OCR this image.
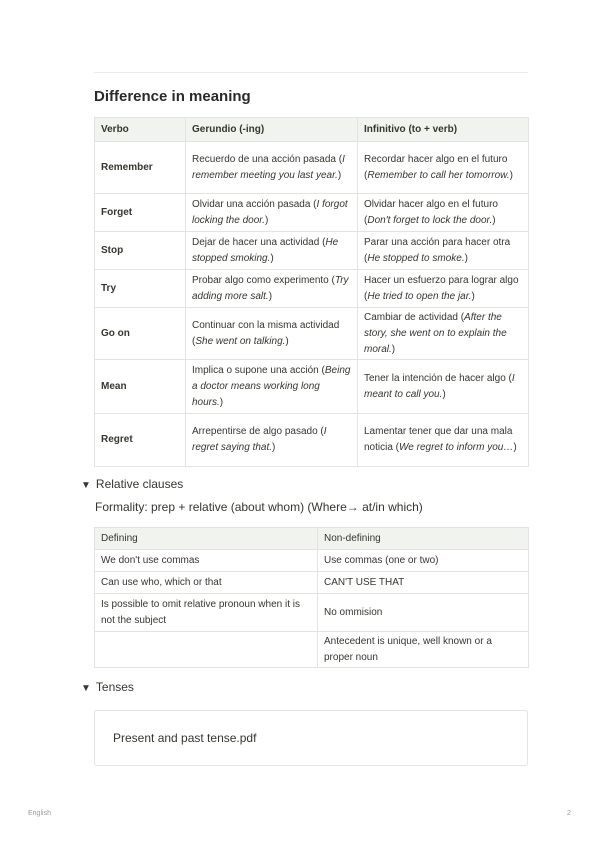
Difference in meaning
Verbo	Gerundio (-ing)	Infinitivo (to + verb)
Remember	Recuerdo de una acción pasada (I remember meeting you last year.)	Recordar hacer algo en el futuro (Remember to call her tomorrow.)
Forget	Olvidar una acción pasada (I forgot locking the door.)	Olvidar hacer algo en el futuro (Don't forget to lock the door.)
Stop	Dejar de hacer una actividad (He stopped smoking.)	Parar una acción para hacer otra (He stopped to smoke.)
Try	Probar algo como experimento (Try adding more salt.)	Hacer un esfuerzo para lograr algo (He tried to open the jar.)
Go on	Continuar con la misma actividad (She went on talking.)	Cambiar de actividad (After the story, she went on to explain the moral.)
Mean	Implica o supone una acción (Being a doctor means working long hours.)	Tener la intención de hacer algo (I meant to call you.)
Regret	Arrepentirse de algo pasado (I regret saying that.)	Lamentar tener que dar una mala noticia (We regret to inform you…)
▼ Relative clauses
Formality: prep + relative (about whom) (Where→ at/in which)
Defining	Non-defining
We don't use commas	Use commas (one or two)
Can use who, which or that	CAN'T USE THAT
Is possible to omit relative pronoun when it is not the subject	No ommision
	Antecedent is unique, well known or a proper noun
▼ Tenses
Present and past tense.pdf
English	2
